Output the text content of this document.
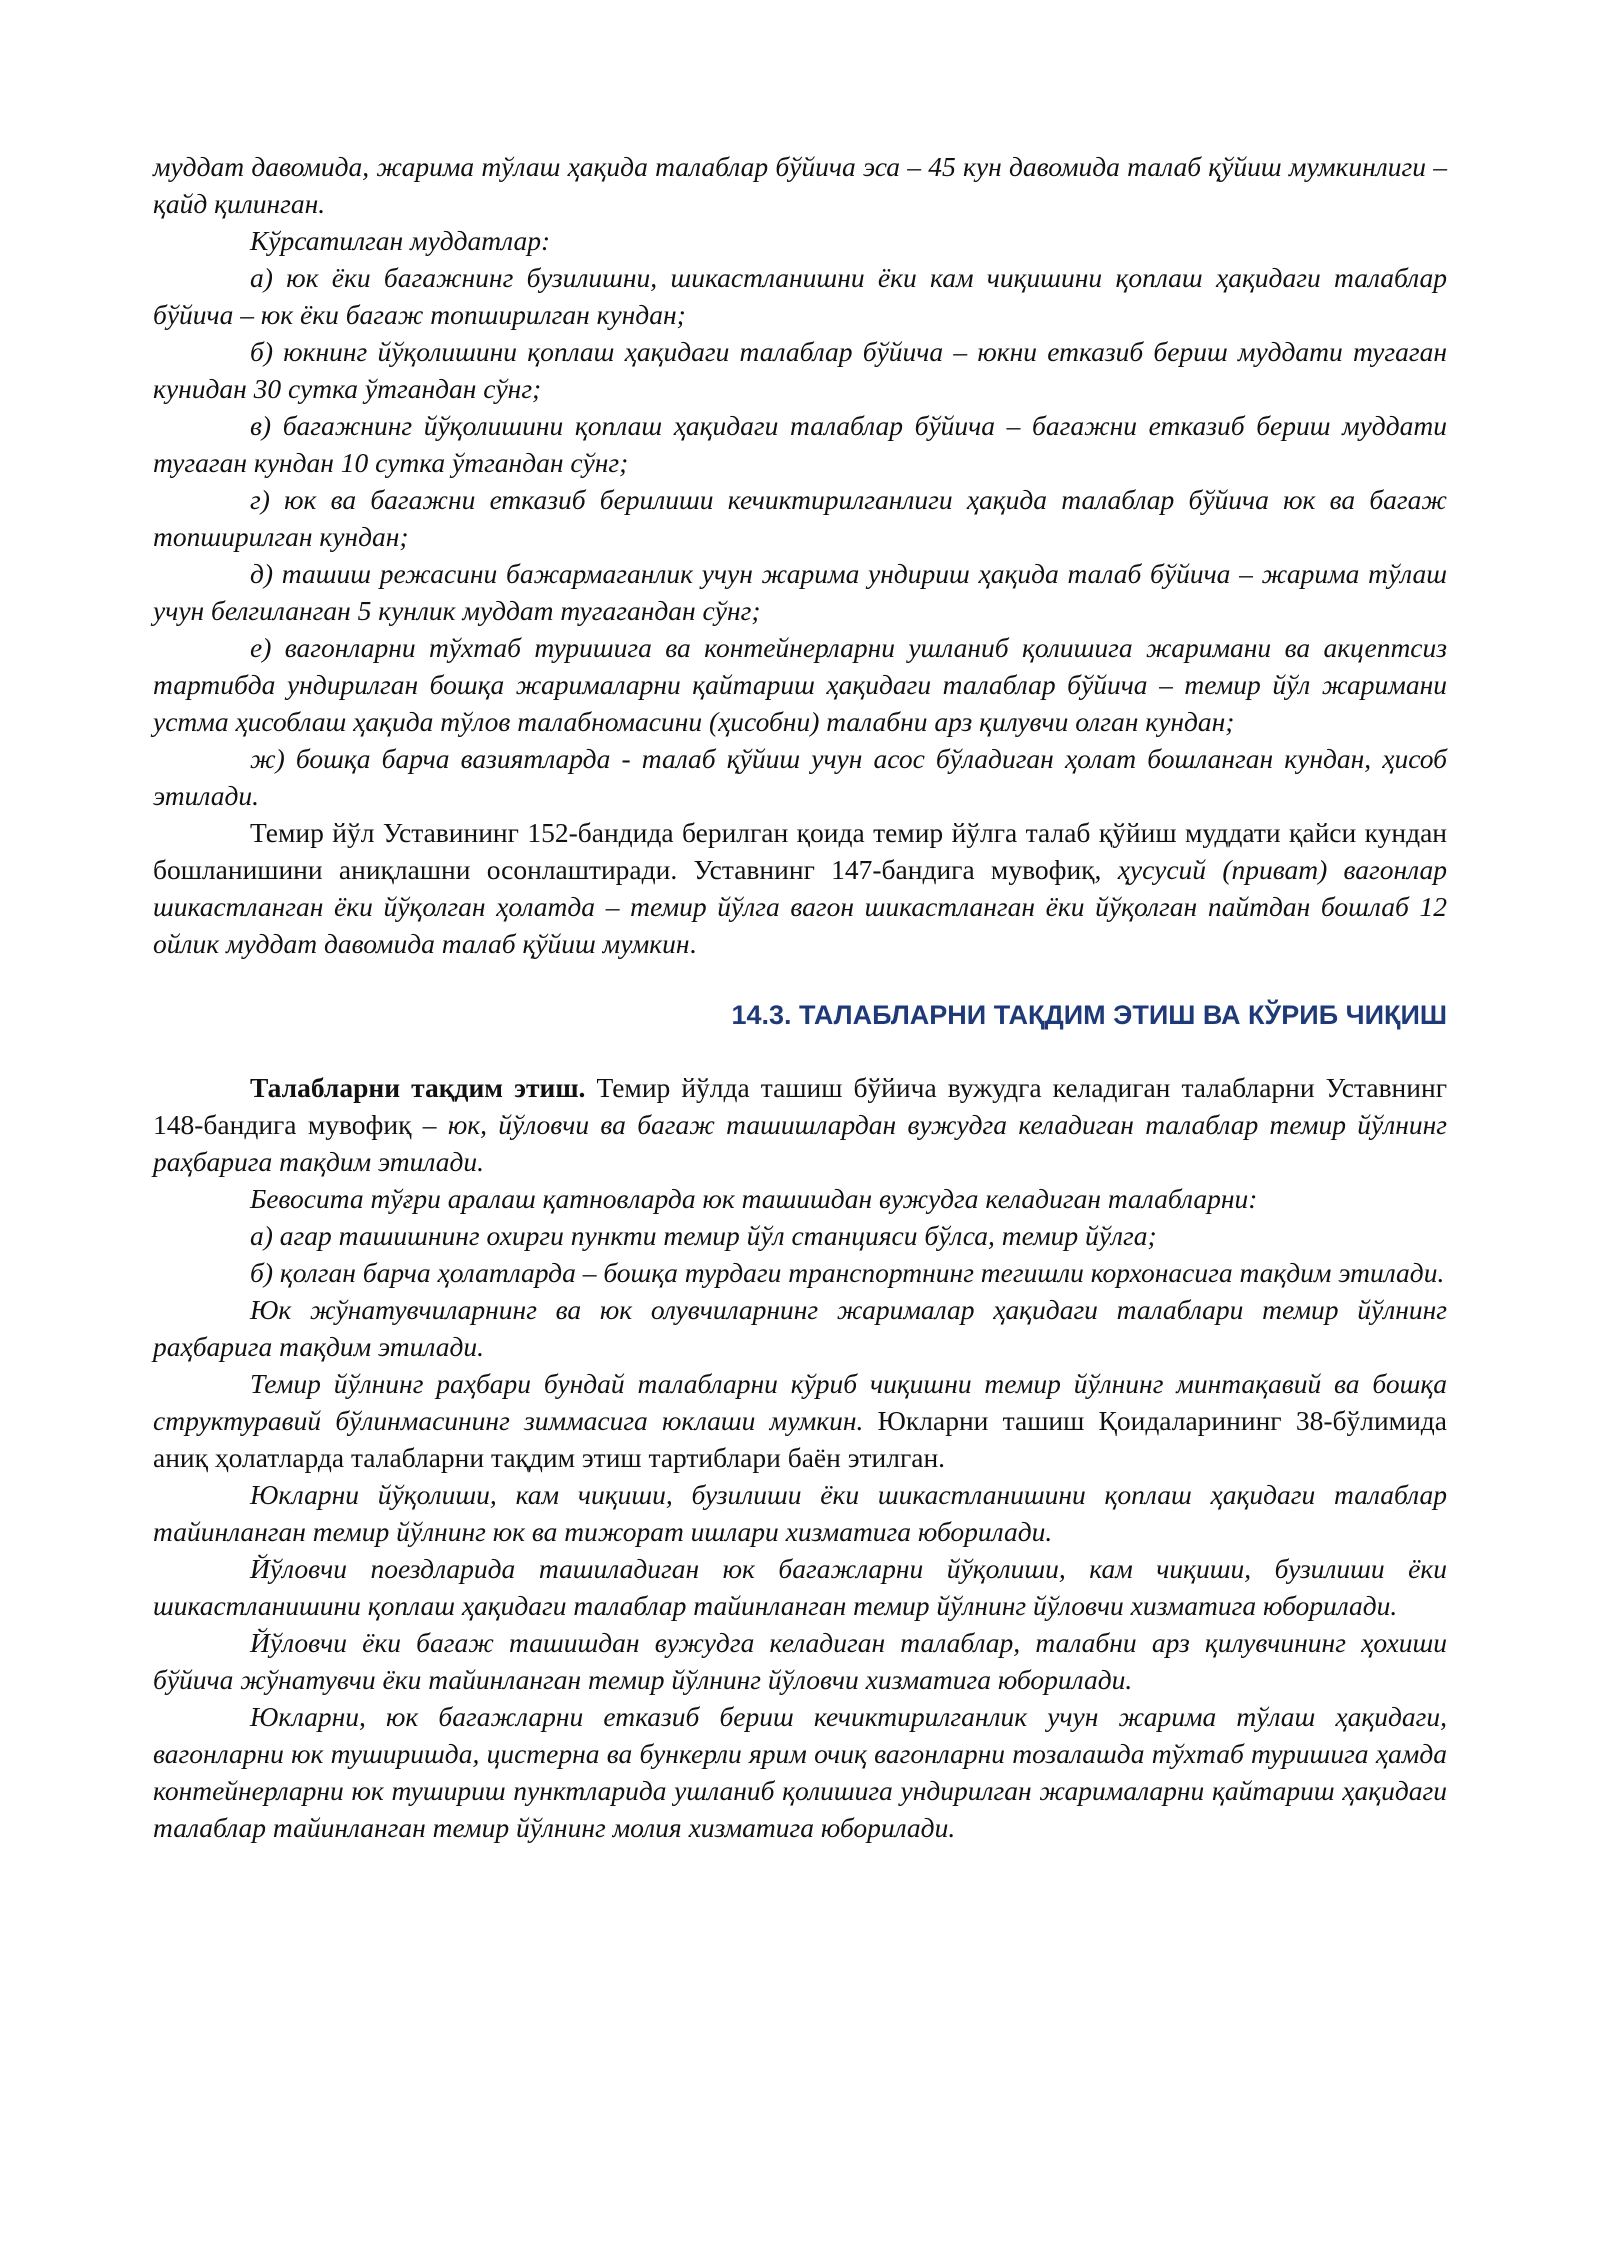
муддат давомида, жарима тўлаш ҳақида талаблар бўйича эса – 45 кун давомида талаб қўйиш мумкинлиги – қайд қилинган.

Кўрсатилган муддатлар:

а) юк ёки багажнинг бузилишни, шикастланишни ёки кам чиқишини қоплаш ҳақидаги талаблар бўйича – юк ёки багаж топширилган кундан;

б) юкнинг йўқолишини қоплаш ҳақидаги талаблар бўйича – юкни етказиб бериш муддати тугаган кунидан 30 сутка ўтгандан сўнг;

в) багажнинг йўқолишини қоплаш ҳақидаги талаблар бўйича – багажни етказиб бериш муддати тугаган кундан 10 сутка ўтгандан сўнг;

г) юк ва багажни етказиб берилиши кечиктирилганлиги ҳақида талаблар бўйича юк ва багаж топширилган кундан;

д) ташиш режасини бажармаганлик учун жарима ундириш ҳақида талаб бўйича – жарима тўлаш учун белгиланган 5 кунлик муддат тугагандан сўнг;

е) вагонларни тўхтаб туришига ва контейнерларни ушланиб қолишига жаримани ва акцептсиз тартибда ундирилган бошқа жарималарни қайтариш ҳақидаги талаблар бўйича – темир йўл жаримани устма ҳисоблаш ҳақида тўлов талабномасини (ҳисобни) талабни арз қилувчи олган кундан;

ж) бошқа барча вазиятларда - талаб қўйиш учун асос бўладиган ҳолат бошланган кундан, ҳисоб этилади.

Темир йўл Уставининг 152-бандида берилган қоида темир йўлга талаб қўйиш муддати қайси кундан бошланишини аниқлашни осонлаштиради. Уставнинг 147-бандига мувофиқ, ҳусусий (приват) вагонлар шикастланган ёки йўқолган ҳолатда – темир йўлга вагон шикастланган ёки йўқолган пайтдан бошлаб 12 ойлик муддат давомида талаб қўйиш мумкин.

14.3. ТАЛАБЛАРНИ ТАҚДИМ ЭТИШ ВА КЎРИБ ЧИҚИШ

Талабларни тақдим этиш. Темир йўлда ташиш бўйича вужудга келадиган талабларни Уставнинг 148-бандига мувофиқ – юк, йўловчи ва багаж ташишлардан вужудга келадиган талаблар темир йўлнинг раҳбарига тақдим этилади.

Бевосита тўғри аралаш қатновларда юк ташишдан вужудга келадиган талабларни:

а) агар ташишнинг охирги пункти темир йўл станцияси бўлса, темир йўлга;

б) қолган барча ҳолатларда – бошқа турдаги транспортнинг тегишли корхонасига тақдим этилади.

Юк жўнатувчиларнинг ва юк олувчиларнинг жарималар ҳақидаги талаблари темир йўлнинг раҳбарига тақдим этилади.

Темир йўлнинг раҳбари бундай талабларни кўриб чиқишни темир йўлнинг минтақавий ва бошқа структуравий бўлинмасининг зиммасига юклаши мумкин. Юкларни ташиш Қоидаларининг 38-бўлимида аниқ ҳолатларда талабларни тақдим этиш тартиблари баён этилган.

Юкларни йўқолиши, кам чиқиши, бузилиши ёки шикастланишини қоплаш ҳақидаги талаблар тайинланган темир йўлнинг юк ва тижорат ишлари хизматига юборилади.

Йўловчи поездларида ташиладиган юк багажларни йўқолиши, кам чиқиши, бузилиши ёки шикастланишини қоплаш ҳақидаги талаблар тайинланган темир йўлнинг йўловчи хизматига юборилади.

Йўловчи ёки багаж ташишдан вужудга келадиган талаблар, талабни арз қилувчининг ҳохиши бўйича жўнатувчи ёки тайинланган темир йўлнинг йўловчи хизматига юборилади.

Юкларни, юк багажларни етказиб бериш кечиктирилганлик учун жарима тўлаш ҳақидаги, вагонларни юк туширишда, цистерна ва бункерли ярим очиқ вагонларни тозалашда тўхтаб туришига ҳамда контейнерларни юк тушириш пунктларида ушланиб қолишига ундирилган жарималарни қайтариш ҳақидаги талаблар тайинланган темир йўлнинг молия хизматига юборилади.
